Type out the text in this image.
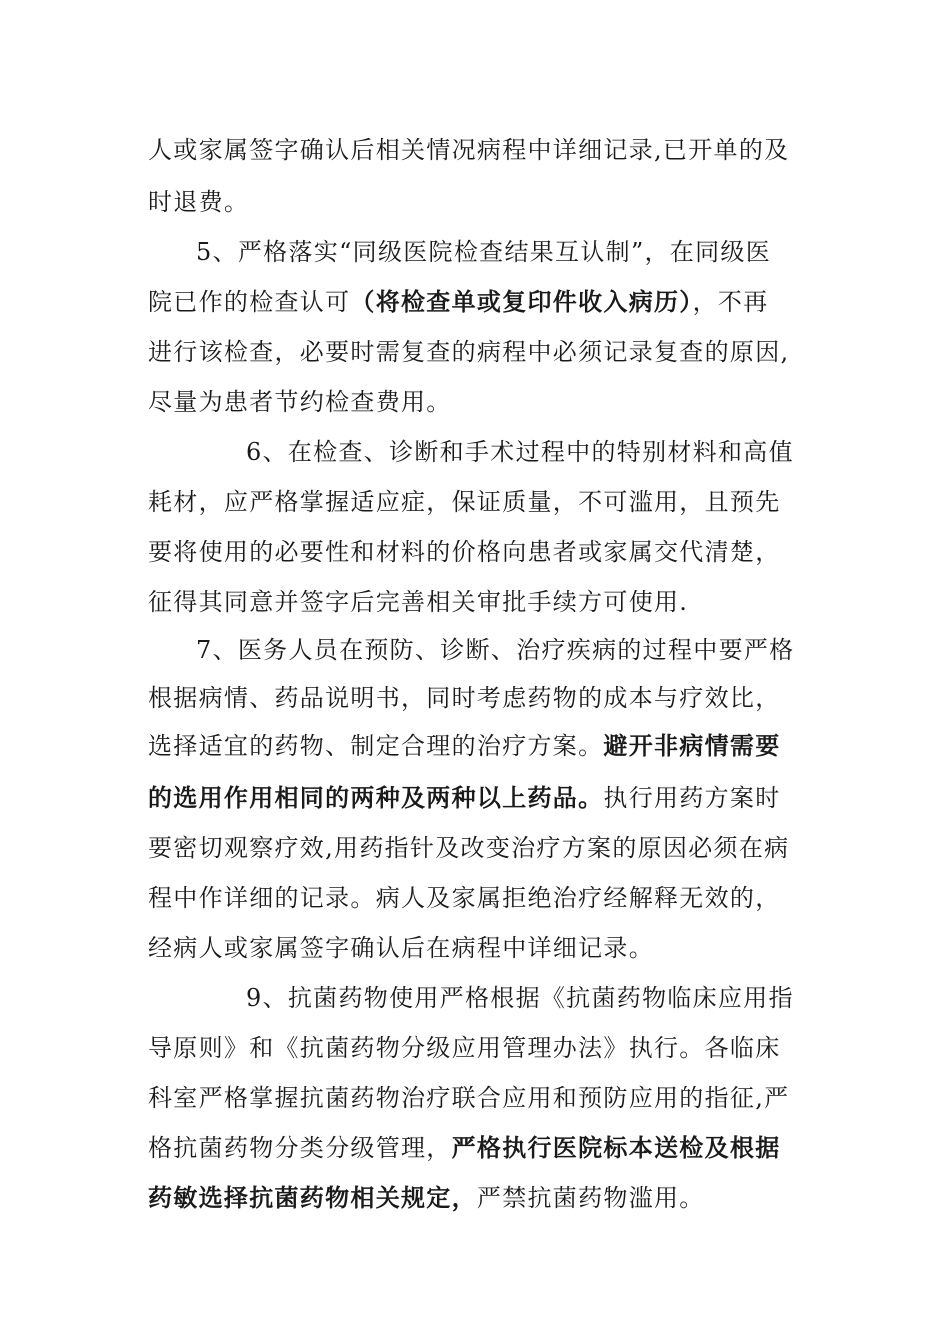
人或家属签字确认后相关情况病程中详细记录,已开单的及
时退费。
5、严格落实“同级医院检查结果互认制”，在同级医
院已作的检查认可（将检查单或复印件收入病历），不再
进行该检查，必要时需复查的病程中必须记录复查的原因,
尽量为患者节约检查费用。
6、在检查、诊断和手术过程中的特别材料和高值
耗材，应严格掌握适应症，保证质量，不可滥用，且预先
要将使用的必要性和材料的价格向患者或家属交代清楚，
征得其同意并签字后完善相关审批手续方可使用.
7、医务人员在预防、诊断、治疗疾病的过程中要严格
根据病情、药品说明书，同时考虑药物的成本与疗效比，
选择适宜的药物、制定合理的治疗方案。避开非病情需要
的选用作用相同的两种及两种以上药品。执行用药方案时
要密切观察疗效,用药指针及改变治疗方案的原因必须在病
程中作详细的记录。病人及家属拒绝治疗经解释无效的，
经病人或家属签字确认后在病程中详细记录。
9、抗菌药物使用严格根据《抗菌药物临床应用指
导原则》和《抗菌药物分级应用管理办法》执行。各临床
科室严格掌握抗菌药物治疗联合应用和预防应用的指征,严
格抗菌药物分类分级管理，严格执行医院标本送检及根据
药敏选择抗菌药物相关规定，严禁抗菌药物滥用。
